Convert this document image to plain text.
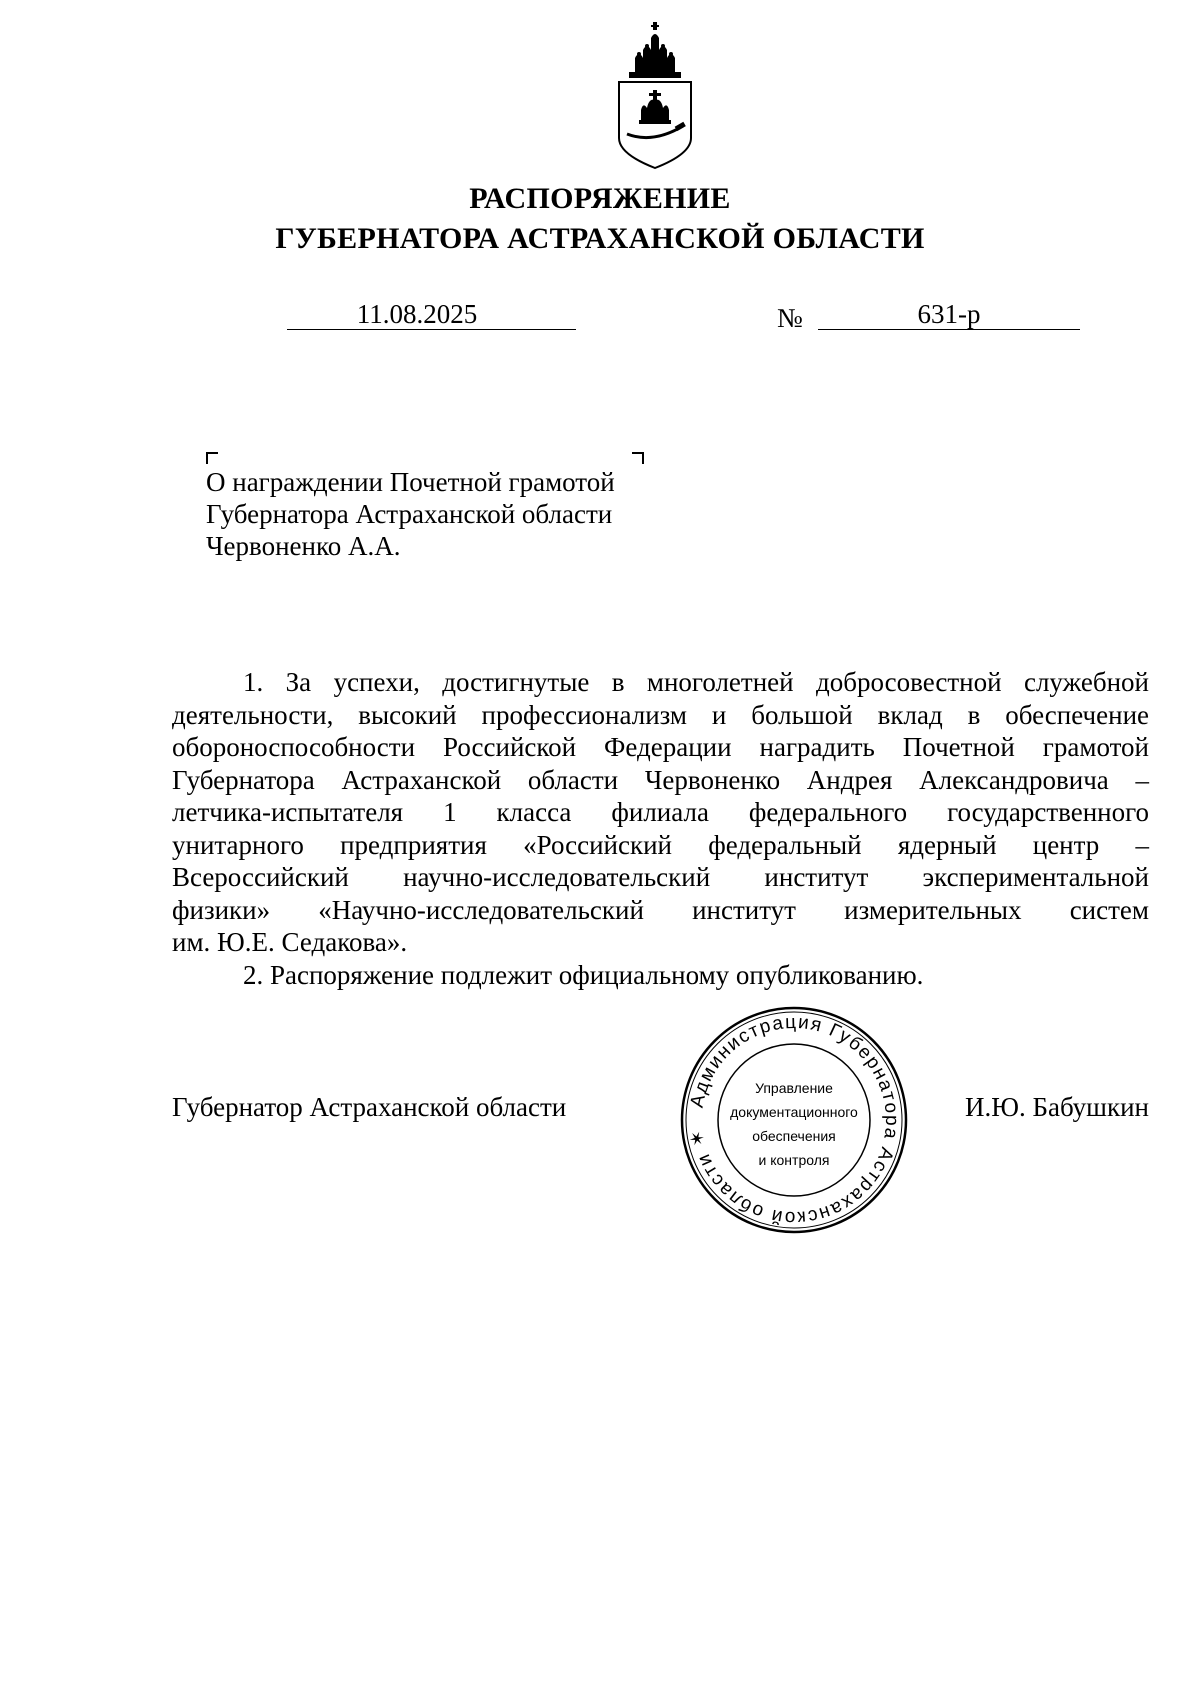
РАСПОРЯЖЕНИЕ
ГУБЕРНАТОРА АСТРАХАНСКОЙ ОБЛАСТИ
11.08.2025	№	631-р
О награждении Почетной грамотой
Губернатора Астраханской области
Червоненко А.А.
1. За успехи, достигнутые в многолетней добросовестной служебной
деятельности, высокий профессионализм и большой вклад в обеспечение
обороноспособности Российской Федерации наградить Почетной грамотой
Губернатора Астраханской области Червоненко Андрея Александровича –
летчика-испытателя 1 класса филиала федерального государственного
унитарного предприятия «Российский федеральный ядерный центр –
Всероссийский научно-исследовательский институт экспериментальной
физики» «Научно-исследовательский институт измерительных систем
им. Ю.Е. Седакова».
2. Распоряжение подлежит официальному опубликованию.
Губернатор Астраханской области	И.Ю. Бабушкин
Администрация Губернатора Астраханской области ✶
Управление
документационного
обеспечения
и контроля
